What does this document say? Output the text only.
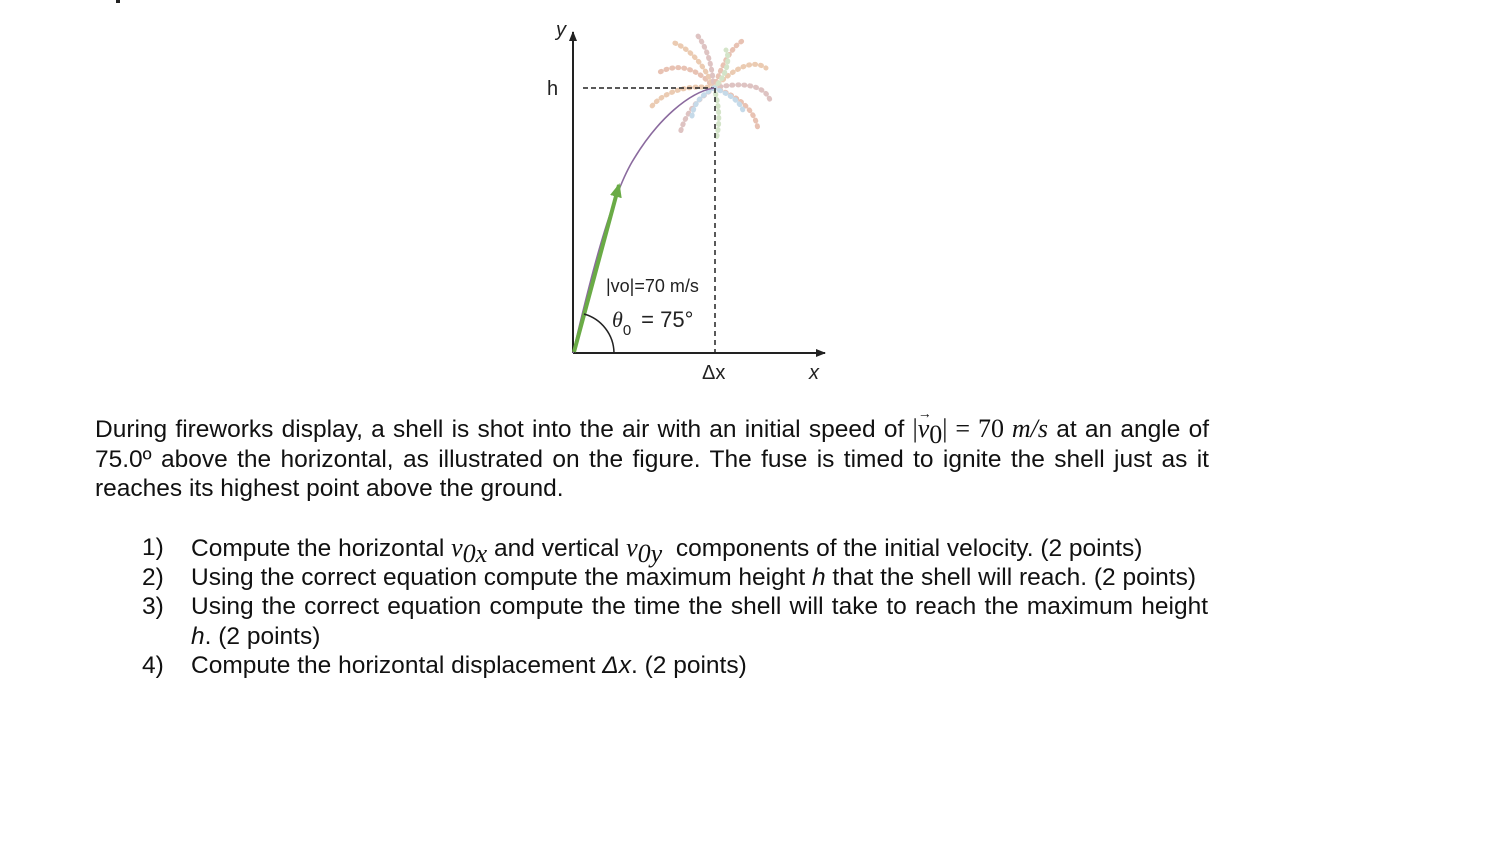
y
h
|vo|=70 m/s
$\theta_0 = 75^\circ$
Δx	x

During fireworks display, a shell is shot into the air with an initial speed of |→ $v_0| = 70$ m/s at an angle of 75.0º above the horizontal, as illustrated on the figure. The fuse is timed to ignite the shell just as it reaches its highest point above the ground.

1) Compute the horizontal $v_{0x}$ and vertical $v_{0y}$  components of the initial velocity. (2 points)
2) Using the correct equation compute the maximum height h that the shell will reach. (2 points)
3) Using the correct equation compute the time the shell will take to reach the maximum height h. (2 points)
4) Compute the horizontal displacement Δx. (2 points)
